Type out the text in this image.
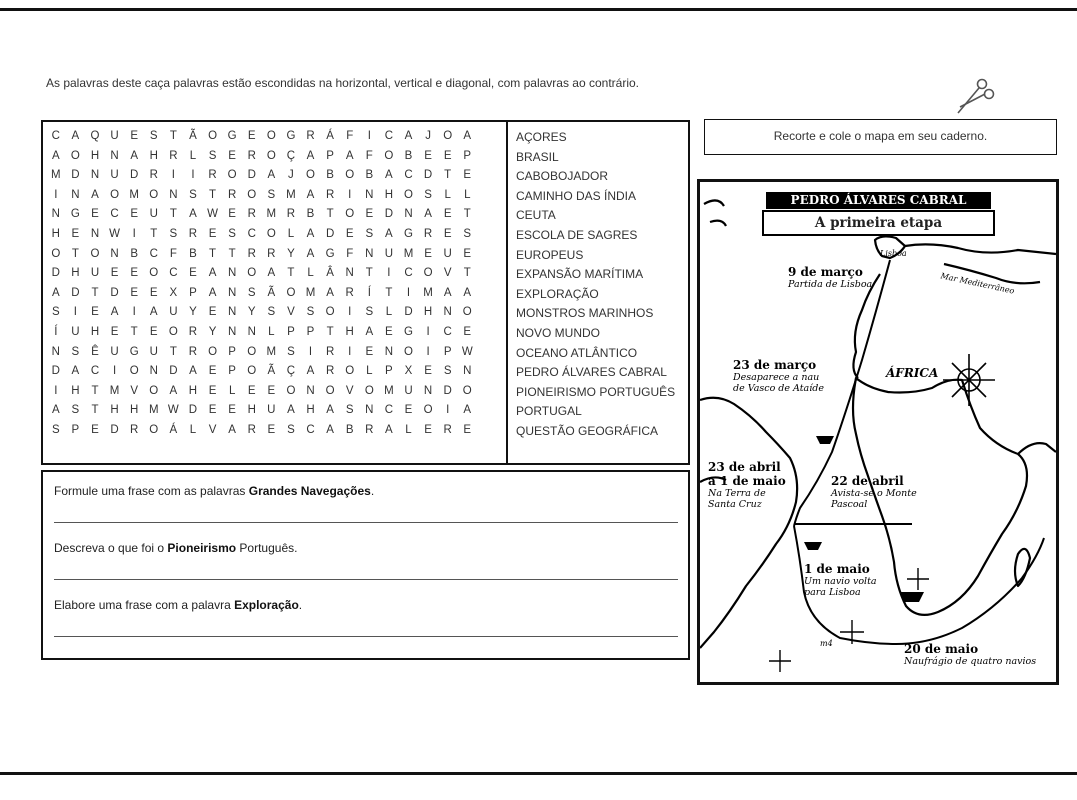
As palavras deste caça palavras estão escondidas na horizontal, vertical e diagonal, com palavras ao contrário.
C	A Q U	E	S	T	Ã O G E O G R	Á	F	I	C	A	J	O A
A O H N	A	H R	L	S	E	R O Ç	A	P	A	F	O B	E	E	P
M D N U D R	I	I	R O D	A	J	O B O B	A	C D	T	E
I	N	A O M O N	S	T	R O S M A	R	I	N H O S	L	L
N G E	C	E	U	T	A W E	R M R	B	T	O E	D N	A	E	T
H	E	N W	I	T	S	R	E	S	C O	L	A	D	E	S	A G R	E	S
O	T	O N	B	C	F	B	T	T	R R	Y	A G	F	N U M E	U	E
D H U	E	E O C	E	A	N O A	T	L	Â	N	T	I	C O V	T
A	D	T	D	E	E	X	P	A	N	S	Ã O M A	R	Í	T	I	M A	A
S	I	E	A	I	A	U	Y	E	N	Y	S	V	S O	I	S	L	D H N O
Í	U H	E	T	E O R	Y	N N	L	P	P	T	H	A	E G	I	C	E
N	S	Ê	U G U	T	R O P O M S	I	R	I	E	N O	I	P W
D	A	C	I	O N D	A	E	P O Ã	Ç	A	R O	L	P	X	E	S	N
I	H	T M V O A	H	E	L	E	E O N O V O M U N D O
A	S	T	H H M W D	E	E	H U	A	H	A	S	N C	E O	I	A
S	P	E	D R O Á	L	V	A	R	E	S	C	A	B	R	A	L	E	R	E
AÇORES
BRASIL
CABOBOJADOR
CAMINHO DAS ÍNDIA
CEUTA
ESCOLA DE SAGRES
EUROPEUS
EXPANSÃO MARÍTIMA
EXPLORAÇÃO
MONSTROS MARINHOS
NOVO MUNDO
OCEANO ATLÂNTICO
PEDRO ÁLVARES CABRAL
PIONEIRISMO PORTUGUÊS
PORTUGAL
QUESTÃO GEOGRÁFICA
Formule uma frase com as palavras Grandes Navegações.
Descreva o que foi o Pioneirismo Português.
Elabore uma frase com a palavra Exploração.
Recorte e cole o mapa em seu caderno.
PEDRO ÁLVARES CABRAL
A primeira etapa
Lisboa
Mar Mediterrâneo
ÁFRICA
9 de março
Partida de Lisboa
23 de março
Desaparece a nau
de Vasco de Ataíde
23 de abril
a 1 de maio
Na Terra de
Santa Cruz
22 de abril
Avista-se o Monte
Pascoal
1 de maio
Um navio volta
para Lisboa
20 de maio
Naufrágio de quatro navios
m4
